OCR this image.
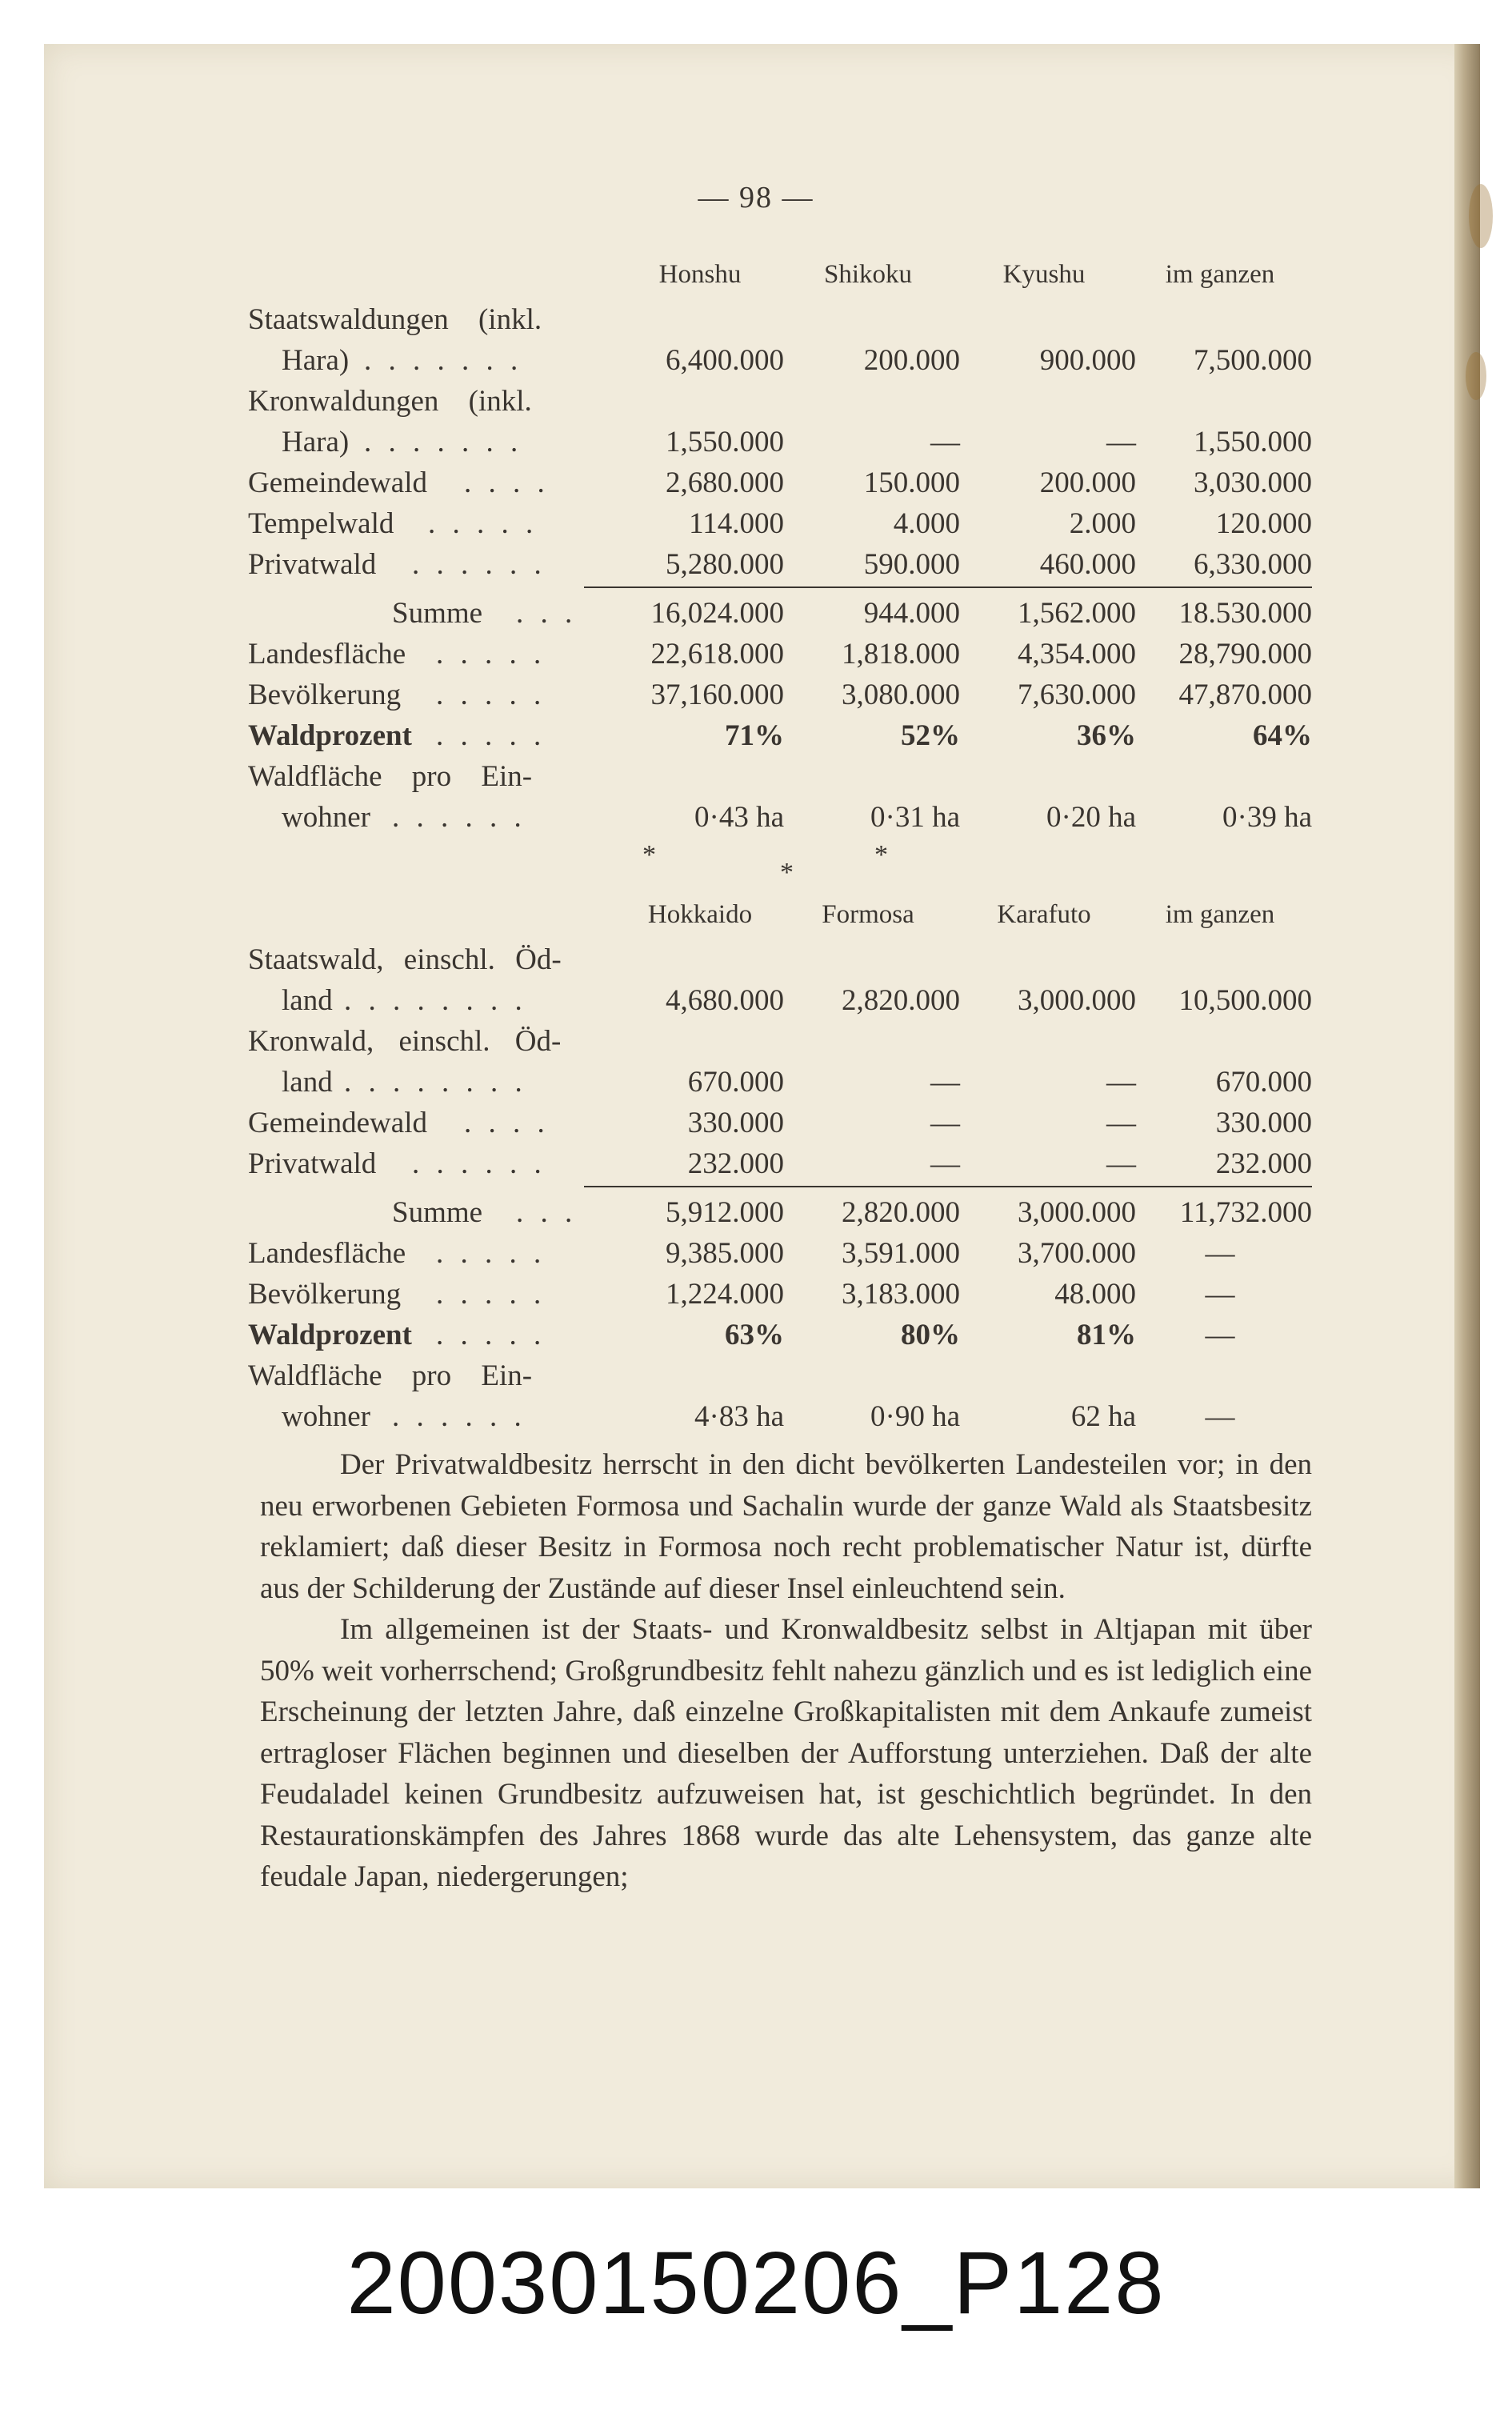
— 98 —
Honshu	Shikoku	Kyushu	im ganzen
Staatswaldungen (inkl.
Hara) . . . . . . .	6,400.000	200.000	900.000	7,500.000
Kronwaldungen (inkl.
Hara) . . . . . . .	1,550.000	—	—	1,550.000
Gemeindewald . . . .	2,680.000	150.000	200.000	3,030.000
Tempelwald . . . . .	114.000	4.000	2.000	120.000
Privatwald . . . . . .	5,280.000	590.000	460.000	6,330.000
Summe . . .	16,024.000	944.000	1,562.000	18.530.000
Landesfläche . . . . .	22,618.000	1,818.000	4,354.000	28,790.000
Bevölkerung . . . . .	37,160.000	3,080.000	7,630.000	47,870.000
Waldprozent . . . . .	71%	52%	36%	64%
Waldfläche pro Ein-
wohner . . . . . .	0·43 ha	0·31 ha	0·20 ha	0·39 ha
*
*
*
Hokkaido	Formosa	Karafuto	im ganzen
Staatswald, einschl. Öd-
land . . . . . . . .	4,680.000	2,820.000	3,000.000	10,500.000
Kronwald, einschl. Öd-
land . . . . . . . .	670.000	—	—	670.000
Gemeindewald . . . .	330.000	—	—	330.000
Privatwald . . . . . .	232.000	—	—	232.000
Summe . . .	5,912.000	2,820.000	3,000.000	11,732.000
Landesfläche . . . . .	9,385.000	3,591.000	3,700.000	—
Bevölkerung . . . . .	1,224.000	3,183.000	48.000	—
Waldprozent . . . . .	63%	80%	81%	—
Waldfläche pro Ein-
wohner . . . . . .	4·83 ha	0·90 ha	62 ha	—

Der Privatwaldbesitz herrscht in den dicht bevölkerten Landesteilen vor; in den neu erworbenen Gebieten Formosa und Sachalin wurde der ganze Wald als Staatsbesitz reklamiert; daß dieser Besitz in Formosa noch recht problematischer Natur ist, dürfte aus der Schilderung der Zustände auf dieser Insel einleuchtend sein.

Im allgemeinen ist der Staats- und Kronwaldbesitz selbst in Altjapan mit über 50% weit vorherrschend; Großgrundbesitz fehlt nahezu gänzlich und es ist lediglich eine Erscheinung der letzten Jahre, daß einzelne Großkapitalisten mit dem Ankaufe zumeist ertragloser Flächen beginnen und dieselben der Aufforstung unterziehen. Daß der alte Feudaladel keinen Grundbesitz aufzuweisen hat, ist geschichtlich begründet. In den Restaurationskämpfen des Jahres 1868 wurde das alte Lehensystem, das ganze alte feudale Japan, niedergerungen;

20030150206_P128
